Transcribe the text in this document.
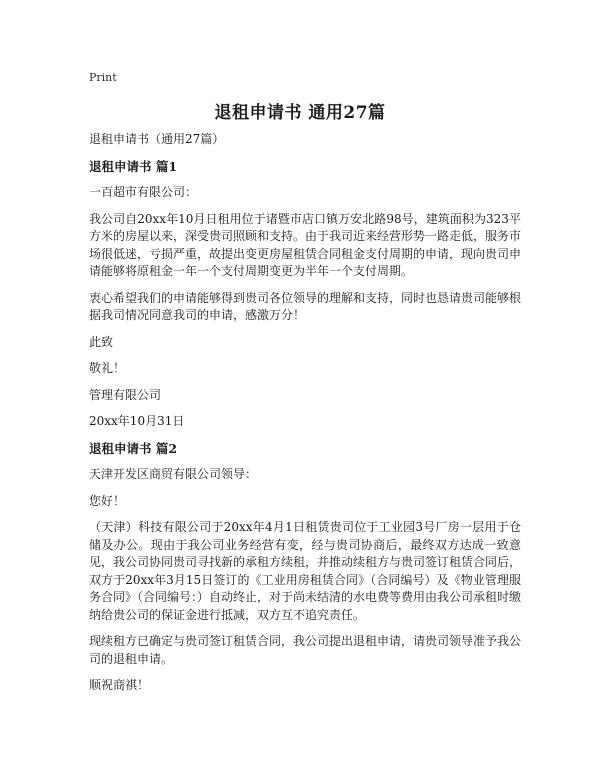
Print
退租申请书 通用27篇

退租申请书（通用27篇）

退租申请书 篇1

一百超市有限公司：

我公司自20xx年10月日租用位于诸暨市店口镇万安北路98号，建筑面积为323平方米的房屋以来，深受贵司照顾和支持。由于我司近来经营形势一路走低，服务市场很低迷，亏损严重，故提出变更房屋租赁合同租金支付周期的申请，现向贵司申请能够将原租金一年一个支付周期变更为半年一个支付周期。

衷心希望我们的申请能够得到贵司各位领导的理解和支持，同时也恳请贵司能够根据我司情况同意我司的申请，感激万分！

此致

敬礼！

管理有限公司

20xx年10月31日

退租申请书 篇2

天津开发区商贸有限公司领导：

您好！

（天津）科技有限公司于20xx年4月1日租赁贵司位于工业园3号厂房一层用于仓储及办公。现由于我公司业务经营有变，经与贵司协商后，最终双方达成一致意见，我公司协同贵司寻找新的承租方续租，并推动续租方与贵司签订租赁合同后，双方于20xx年3月15日签订的《工业用房租赁合同》（合同编号）及《物业管理服务合同》（合同编号：）自动终止，对于尚未结清的水电费等费用由我公司承租时缴纳给贵公司的保证金进行抵减，双方互不追究责任。

现续租方已确定与贵司签订租赁合同，我公司提出退租申请，请贵司领导准予我公司的退租申请。

顺祝商祺！
